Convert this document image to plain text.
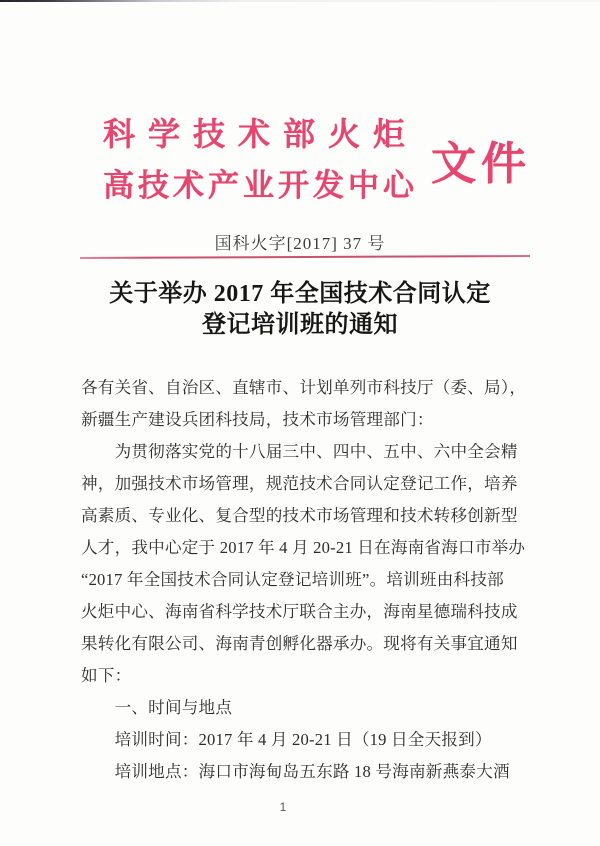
科学技术部火炬
高技术产业开发中心 文件
国科火字[2017] 37 号
关于举办 2017 年全国技术合同认定
登记培训班的通知
各有关省、自治区、直辖市、计划单列市科技厅（委、局），
新疆生产建设兵团科技局，技术市场管理部门：
　　为贯彻落实党的十八届三中、四中、五中、六中全会精
神，加强技术市场管理，规范技术合同认定登记工作，培养
高素质、专业化、复合型的技术市场管理和技术转移创新型
人才，我中心定于 2017 年 4 月 20-21 日在海南省海口市举办
“2017 年全国技术合同认定登记培训班”。培训班由科技部
火炬中心、海南省科学技术厅联合主办，海南星德瑞科技成
果转化有限公司、海南青创孵化器承办。现将有关事宜通知
如下：
　　一、时间与地点
　　培训时间：2017 年 4 月 20-21 日（19 日全天报到）
　　培训地点：海口市海甸岛五东路 18 号海南新燕泰大酒
1
